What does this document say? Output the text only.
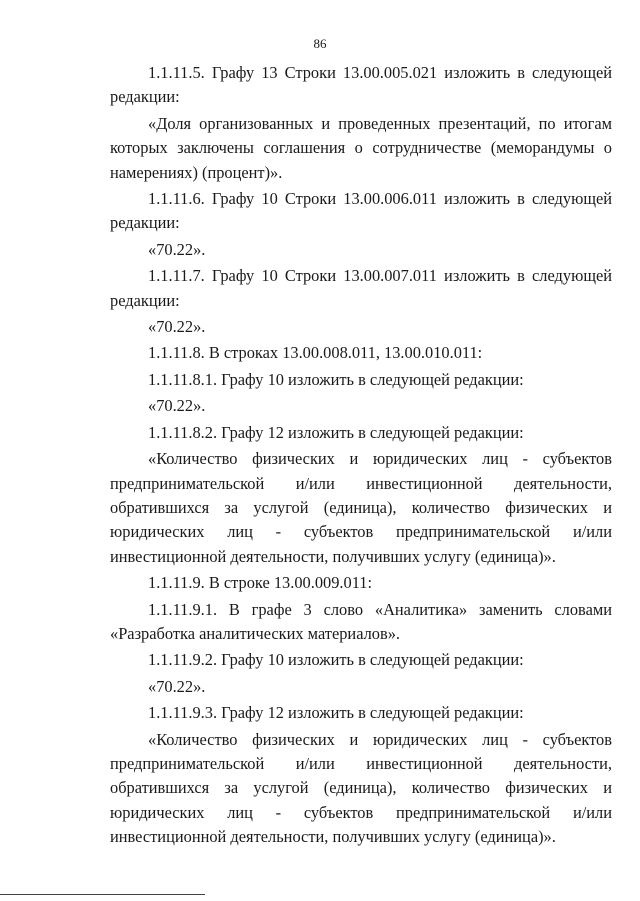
86

1.1.11.5. Графу 13 Строки 13.00.005.021 изложить в следующей редакции:

«Доля организованных и проведенных презентаций, по итогам которых заключены соглашения о сотрудничестве (меморандумы о намерениях) (процент)».

1.1.11.6. Графу 10 Строки 13.00.006.011 изложить в следующей редакции:

«70.22».

1.1.11.7. Графу 10 Строки 13.00.007.011 изложить в следующей редакции:

«70.22».

1.1.11.8. В строках 13.00.008.011, 13.00.010.011:

1.1.11.8.1. Графу 10 изложить в следующей редакции:

«70.22».

1.1.11.8.2. Графу 12 изложить в следующей редакции:

«Количество физических и юридических лиц - субъектов предпринимательской и/или инвестиционной деятельности, обратившихся за услугой (единица), количество физических и юридических лиц - субъектов предпринимательской и/или инвестиционной деятельности, получивших услугу (единица)».

1.1.11.9. В строке 13.00.009.011:

1.1.11.9.1. В графе 3 слово «Аналитика» заменить словами «Разработка аналитических материалов».

1.1.11.9.2. Графу 10 изложить в следующей редакции:

«70.22».

1.1.11.9.3. Графу 12 изложить в следующей редакции:

«Количество физических и юридических лиц - субъектов предпринимательской и/или инвестиционной деятельности, обратившихся за услугой (единица), количество физических и юридических лиц - субъектов предпринимательской и/или инвестиционной деятельности, получивших услугу (единица)».
